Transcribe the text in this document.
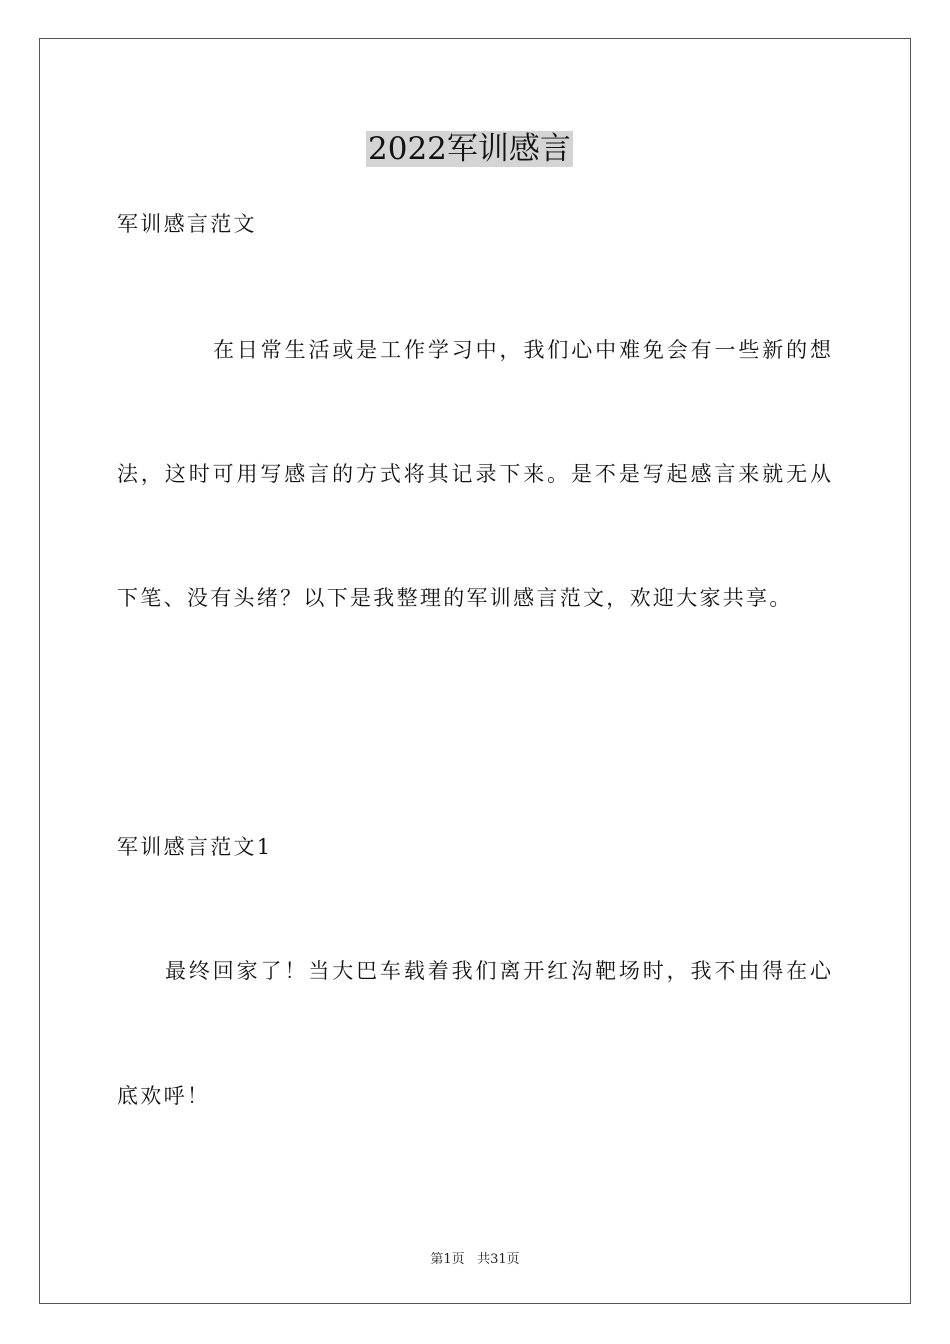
2022军训感言
军训感言范文
在日常生活或是工作学习中，我们心中难免会有一些新的想
法，这时可用写感言的方式将其记录下来。是不是写起感言来就无从
下笔、没有头绪？以下是我整理的军训感言范文，欢迎大家共享。
军训感言范文1
最终回家了！当大巴车载着我们离开红沟靶场时，我不由得在心
底欢呼！
第1页 共31页
